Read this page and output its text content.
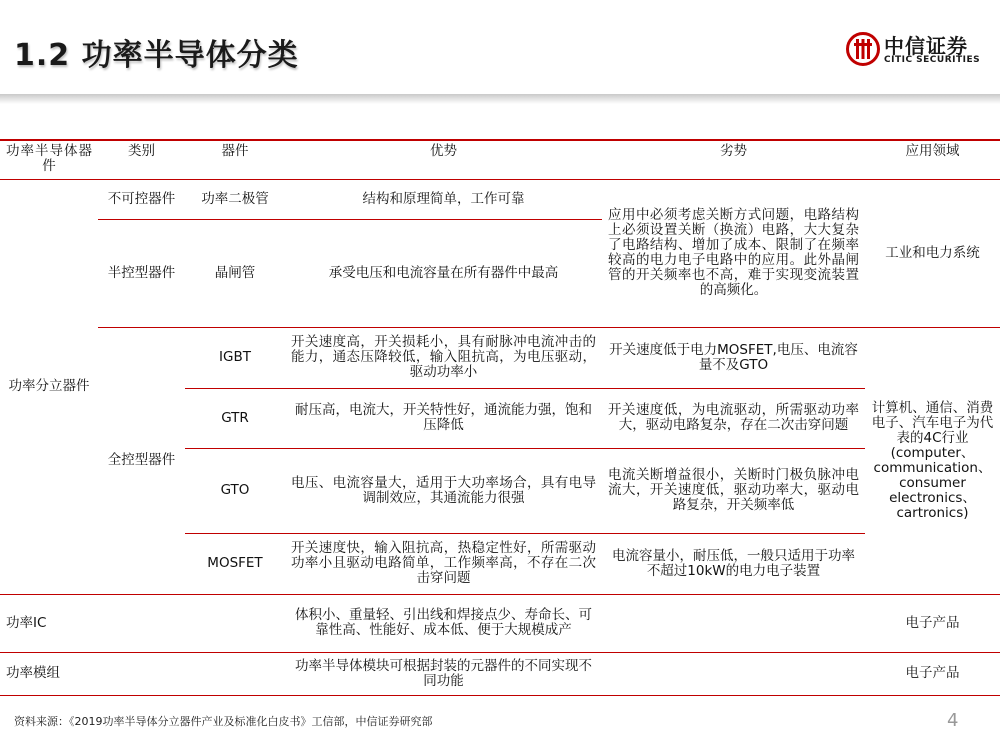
1.2 功率半导体分类	中信证券
CITIC SECURITIES
功率半导体器件	类别	器件	优势	劣势	应用领域
功率分立器件	不可控器件	功率二极管	结构和原理简单，工作可靠	应用中必须考虑关断方式问题，电路结构上必须设置关断（换流）电路，大大复杂了电路结构、增加了成本、限制了在频率较高的电力电子电路中的应用。此外晶闸管的开关频率也不高，难于实现变流装置的高频化。	工业和电力系统
	半控型器件	晶闸管	承受电压和电流容量在所有器件中最高		
	全控型器件	IGBT	开关速度高，开关损耗小，具有耐脉冲电流冲击的能力，通态压降较低，输入阻抗高，为电压驱动，驱动功率小	开关速度低于电力MOSFET,电压、电流容量不及GTO	计算机、通信、消费电子、汽车电子为代表的4C行业(computer、communication、consumer electronics、cartronics)
		GTR	耐压高，电流大，开关特性好，通流能力强，饱和压降低	开关速度低，为电流驱动，所需驱动功率大，驱动电路复杂，存在二次击穿问题	
		GTO	电压、电流容量大，适用于大功率场合，具有电导调制效应，其通流能力很强	电流关断增益很小，关断时门极负脉冲电流大，开关速度低，驱动功率大，驱动电路复杂，开关频率低	
		MOSFET	开关速度快，输入阻抗高，热稳定性好，所需驱动功率小且驱动电路简单，工作频率高，不存在二次击穿问题	电流容量小，耐压低，一般只适用于功率不超过10kW的电力电子装置	
功率IC			体积小、重量轻、引出线和焊接点少、寿命长、可靠性高、性能好、成本低、便于大规模成产		电子产品
功率模组			功率半导体模块可根据封装的元器件的不同实现不同功能		电子产品
资料来源：《2019功率半导体分立器件产业及标准化白皮书》工信部，中信证券研究部	4
